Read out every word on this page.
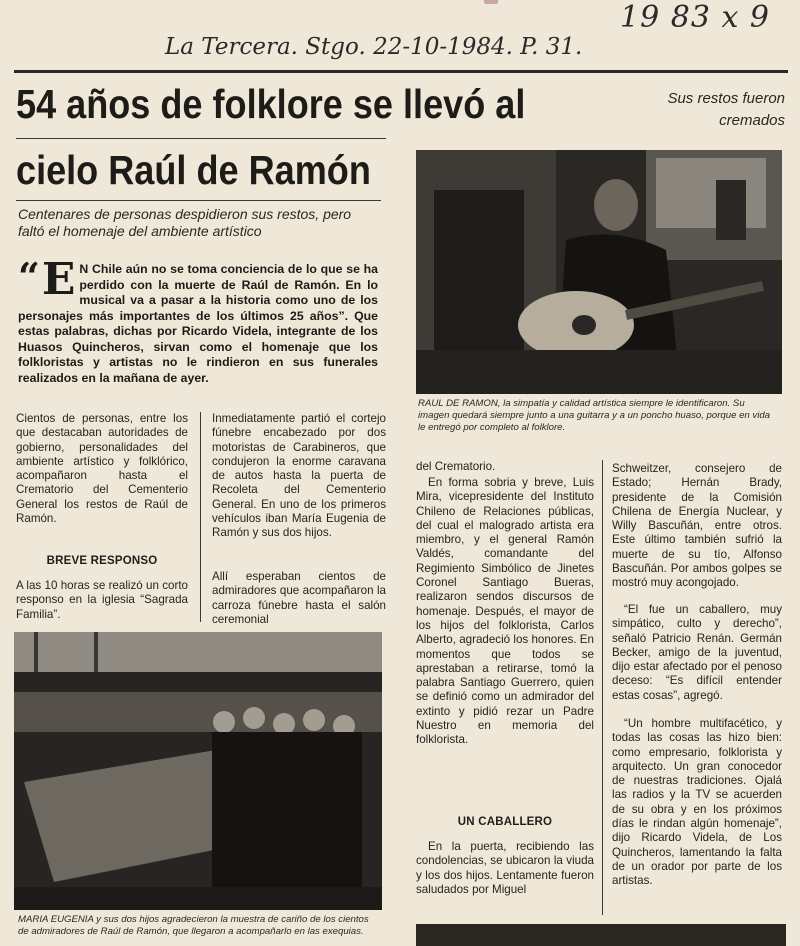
19 83 x 9
La Tercera. Stgo. 22-10-1984. P. 31.
54 años de folklore se llevó al
cielo Raúl de Ramón
Sus restos fueron cremados
Centenares de personas despidieron sus restos, pero faltó el homenaje del ambiente artístico
“ E N Chile aún no se toma conciencia de lo que se ha perdido con la muerte de Raúl de Ramón. En lo musical va a pasar a la historia como uno de los personajes más importantes de los últimos 25 años”. Que estas palabras, dichas por Ricardo Videla, integrante de los Huasos Quincheros, sirvan como el homenaje que los folkloristas y artistas no le rindieron en sus funerales realizados en la mañana de ayer.
RAUL DE RAMON, la simpatía y calidad artística siempre le identificaron. Su imagen quedará siempre junto a una guitarra y a un poncho huaso, porque en vida le entregó por completo al folklore.
Cientos de personas, entre los que destacaban autoridades de gobierno, personalidades del ambiente artístico y folklórico, acompañaron hasta el Crematorio del Cementerio General los restos de Raúl de Ramón.
BREVE RESPONSO
A las 10 horas se realizó un corto responso en la iglesia “Sagrada Familia”.
Inmediatamente partió el cortejo fúnebre encabezado por dos motoristas de Carabineros, que condujeron la enorme caravana de autos hasta la puerta de Recoleta del Cementerio General. En uno de los primeros vehículos iban María Eugenia de Ramón y sus dos hijos.
Allí esperaban cientos de admiradores que acompañaron la carroza fúnebre hasta el salón ceremonial
MARIA EUGENIA y sus dos hijos agradecieron la muestra de cariño de los cientos de admiradores de Raúl de Ramón, que llegaron a acompañarlo en las exequias.
del Crematorio.
En forma sobria y breve, Luis Mira, vicepresidente del Instituto Chileno de Relaciones públicas, del cual el malogrado artista era miembro, y el general Ramón Valdés, comandante del Regimiento Simbólico de Jinetes Coronel Santiago Bueras, realizaron sendos discursos de homenaje. Después, el mayor de los hijos del folklorista, Carlos Alberto, agradeció los honores. En momentos que todos se aprestaban a retirarse, tomó la palabra Santiago Guerrero, quien se definió como un admirador del extinto y pidió rezar un Padre Nuestro en memoria del folklorista.
UN CABALLERO
En la puerta, recibiendo las condolencias, se ubicaron la viuda y los dos hijos. Lentamente fueron saludados por Miguel
Schweitzer, consejero de Estado; Hernán Brady, presidente de la Comisión Chilena de Energía Nuclear, y Willy Bascuñán, entre otros. Este último también sufrió la muerte de su tío, Alfonso Bascuñán. Por ambos golpes se mostró muy acongojado.
“El fue un caballero, muy simpático, culto y derecho”, señaló Patricio Renán. Germán Becker, amigo de la juventud, dijo estar afectado por el penoso deceso: “Es difícil entender estas cosas”, agregó.
“Un hombre multifacético, y todas las cosas las hizo bien: como empresario, folklorista y arquitecto. Un gran conocedor de nuestras tradiciones. Ojalá las radios y la TV se acuerden de su obra y en los próximos días le rindan algún homenaje”, dijo Ricardo Videla, de Los Quincheros, lamentando la falta de un orador por parte de los artistas.
